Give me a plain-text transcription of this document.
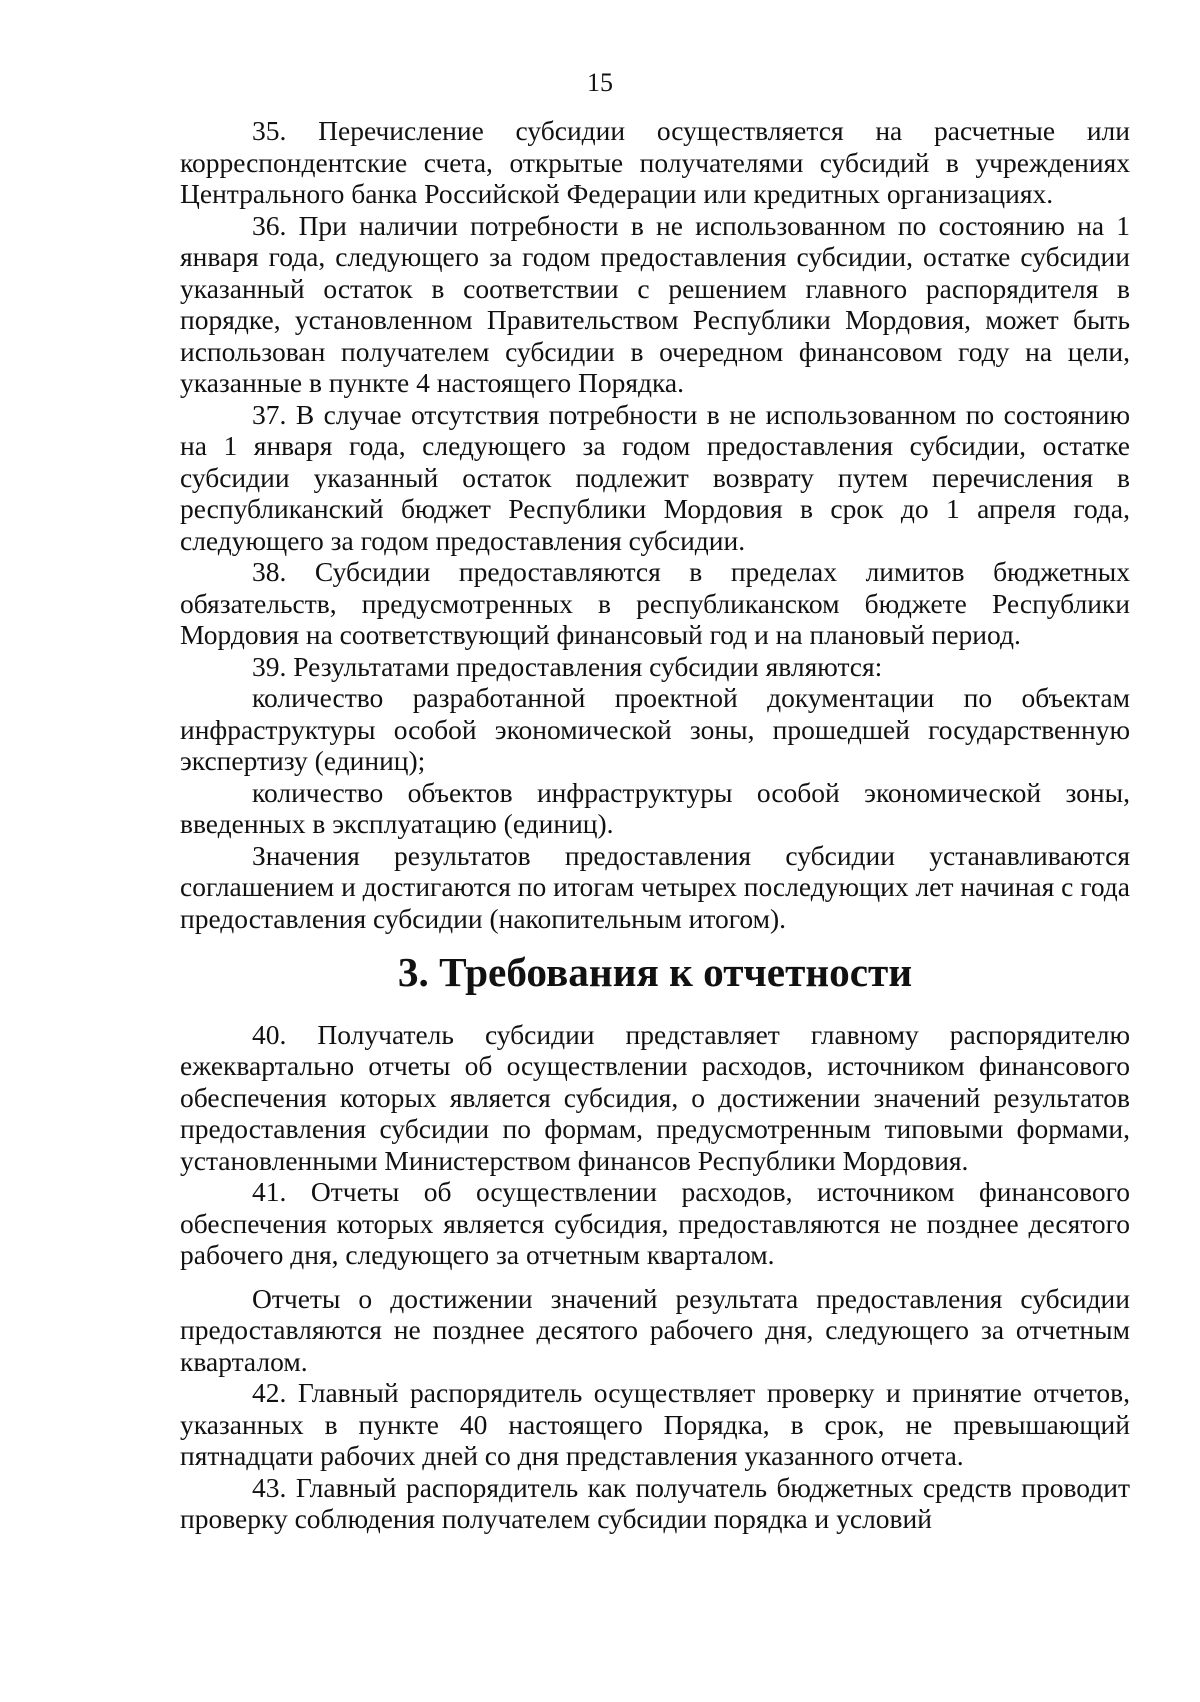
15

35. Перечисление субсидии осуществляется на расчетные или корреспондентские счета, открытые получателями субсидий в учреждениях Центрального банка Российской Федерации или кредитных организациях.

36. При наличии потребности в не использованном по состоянию на 1 января года, следующего за годом предоставления субсидии, остатке субсидии указанный остаток в соответствии с решением главного распорядителя в порядке, установленном Правительством Республики Мордовия, может быть использован получателем субсидии в очередном финансовом году на цели, указанные в пункте 4 настоящего Порядка.

37. В случае отсутствия потребности в не использованном по состоянию на 1 января года, следующего за годом предоставления субсидии, остатке субсидии указанный остаток подлежит возврату путем перечисления в республиканский бюджет Республики Мордовия в срок до 1 апреля года, следующего за годом предоставления субсидии.

38. Субсидии предоставляются в пределах лимитов бюджетных обязательств, предусмотренных в республиканском бюджете Республики Мордовия на соответствующий финансовый год и на плановый период.

39. Результатами предоставления субсидии являются:

количество разработанной проектной документации по объектам инфраструктуры особой экономической зоны, прошедшей государственную экспертизу (единиц);

количество объектов инфраструктуры особой экономической зоны, введенных в эксплуатацию (единиц).

Значения результатов предоставления субсидии устанавливаются соглашением и достигаются по итогам четырех последующих лет начиная с года предоставления субсидии (накопительным итогом).

3. Требования к отчетности

40. Получатель субсидии представляет главному распорядителю ежеквартально отчеты об осуществлении расходов, источником финансового обеспечения которых является субсидия, о достижении значений результатов предоставления субсидии по формам, предусмотренным типовыми формами, установленными Министерством финансов Республики Мордовия.

41. Отчеты об осуществлении расходов, источником финансового обеспечения которых является субсидия, предоставляются не позднее десятого рабочего дня, следующего за отчетным кварталом.

Отчеты о достижении значений результата предоставления субсидии предоставляются не позднее десятого рабочего дня, следующего за отчетным кварталом.

42. Главный распорядитель осуществляет проверку и принятие отчетов, указанных в пункте 40 настоящего Порядка, в срок, не превышающий пятнадцати рабочих дней со дня представления указанного отчета.

43. Главный распорядитель как получатель бюджетных средств проводит проверку соблюдения получателем субсидии порядка и условий
